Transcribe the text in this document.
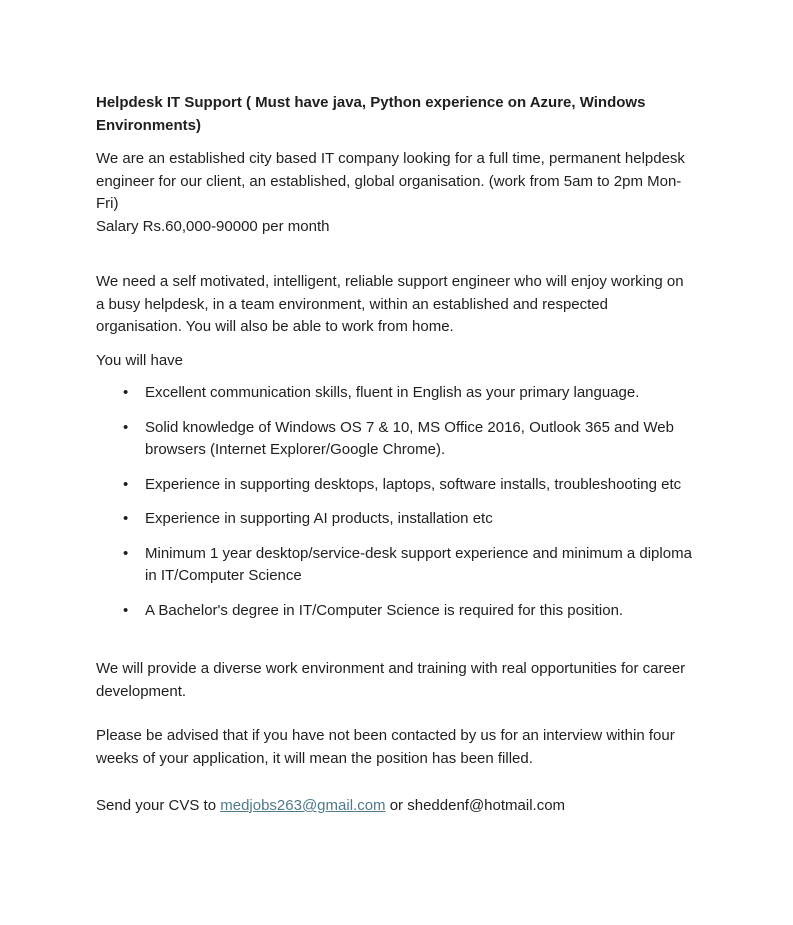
Helpdesk IT Support ( Must have java, Python experience on Azure, Windows Environments)

We are an established city based IT company looking for a full time, permanent helpdesk engineer for our client, an established, global organisation. (work from 5am to 2pm Mon-Fri)
Salary Rs.60,000-90000 per month

We need a self motivated, intelligent, reliable support engineer who will enjoy working on a busy helpdesk, in a team environment, within an established and respected organisation. You will also be able to work from home.

You will have

• Excellent communication skills, fluent in English as your primary language.
• Solid knowledge of Windows OS 7 & 10, MS Office 2016, Outlook 365 and Web browsers (Internet Explorer/Google Chrome).
• Experience in supporting desktops, laptops, software installs, troubleshooting etc
• Experience in supporting AI products, installation etc
• Minimum 1 year desktop/service-desk support experience and minimum a diploma in IT/Computer Science
• A Bachelor's degree in IT/Computer Science is required for this position.

We will provide a diverse work environment and training with real opportunities for career development.

Please be advised that if you have not been contacted by us for an interview within four weeks of your application, it will mean the position has been filled.

Send your CVS to medjobs263@gmail.com or sheddenf@hotmail.com
